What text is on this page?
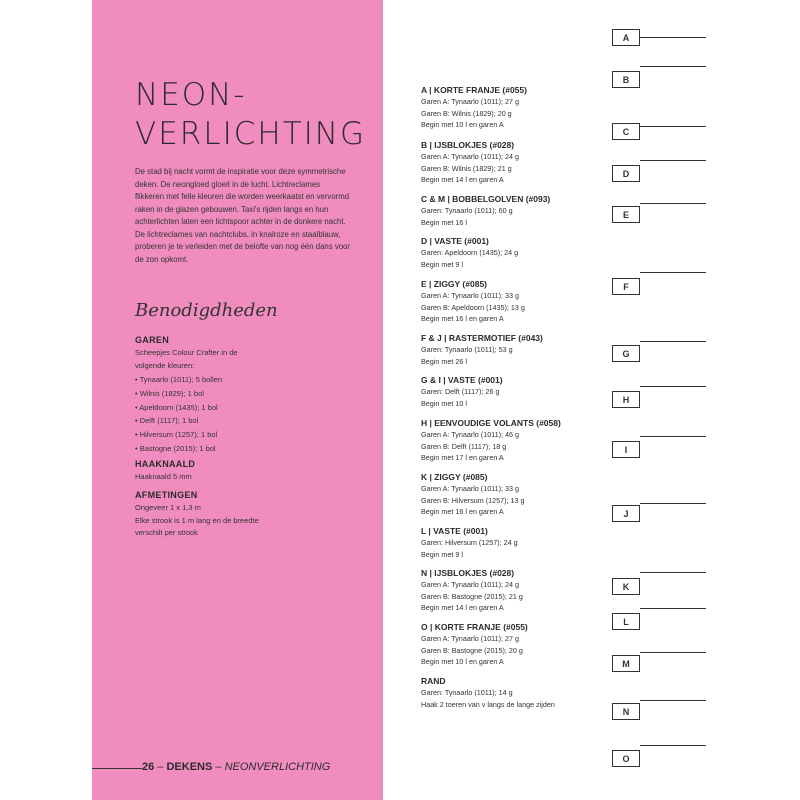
NEON-
VERLICHTING

De stad bij nacht vormt de inspiratie voor deze symmetrische deken. De neongloed gloeit in de lucht. Lichtreclames flikkeren met felle kleuren die worden weerkaatst en vervormd raken in de glazen gebouwen. Taxi's rijden langs en hun achterlichten laten een lichtspoor achter in de donkere nacht. De lichtreclames van nachtclubs, in knalroze en staalblauw, proberen je te verleiden met de belofte van nog één dans voor de zon opkomt.

Benodigdheden
GAREN
Scheepjes Colour Crafter in de
volgende kleuren:
• Tynaarlo (1011); 5 bollen
• Wilnis (1829); 1 bol
• Apeldoorn (1435); 1 bol
• Delft (1117); 1 bol
• Hilversum (1257); 1 bol
• Bastogne (2015); 1 bol
HAAKNAALD
Haaknaald 5 mm
AFMETINGEN
Ongeveer 1 x 1,3 m
Elke strook is 1 m lang en de breedte
verschilt per strook
26 – DEKENS – NEONVERLICHTING
A | KORTE FRANJE (#055)
Garen A: Tynaarlo (1011); 27 g
Garen B: Wilnis (1829); 20 g
Begin met 10 l en garen A
B | IJSBLOKJES (#028)
Garen A: Tynaarlo (1011); 24 g
Garen B: Wilnis (1829); 21 g
Begin met 14 l en garen A
C & M | BOBBELGOLVEN (#093)
Garen: Tynaarlo (1011); 60 g
Begin met 16 l
D | VASTE (#001)
Garen: Apeldoorn (1435); 24 g
Begin met 9 l
E | ZIGGY (#085)
Garen A: Tynaarlo (1011); 33 g
Garen B: Apeldoorn (1435); 13 g
Begin met 16 l en garen A
F & J | RASTERMOTIEF (#043)
Garen: Tynaarlo (1011); 53 g
Begin met 26 l
G & I | VASTE (#001)
Garen: Delft (1117); 26 g
Begin met 10 l
H | EENVOUDIGE VOLANTS (#058)
Garen A: Tynaarlo (1011); 46 g
Garen B: Delft (1117); 18 g
Begin met 17 l en garen A
K | ZIGGY (#085)
Garen A: Tynaarlo (1011); 33 g
Garen B: Hilversum (1257); 13 g
Begin met 16 l en garen A
L | VASTE (#001)
Garen: Hilversum (1257); 24 g
Begin met 9 l
N | IJSBLOKJES (#028)
Garen A: Tynaarlo (1011); 24 g
Garen B: Bastogne (2015); 21 g
Begin met 14 l en garen A
O | KORTE FRANJE (#055)
Garen A: Tynaarlo (1011); 27 g
Garen B: Bastogne (2015); 20 g
Begin met 10 l en garen A
RAND
Garen: Tynaarlo (1011); 14 g
Haak 2 toeren van v langs de lange zijden
A
B
C
D
E
F
G
H
I
J
K
L
M
N
O
